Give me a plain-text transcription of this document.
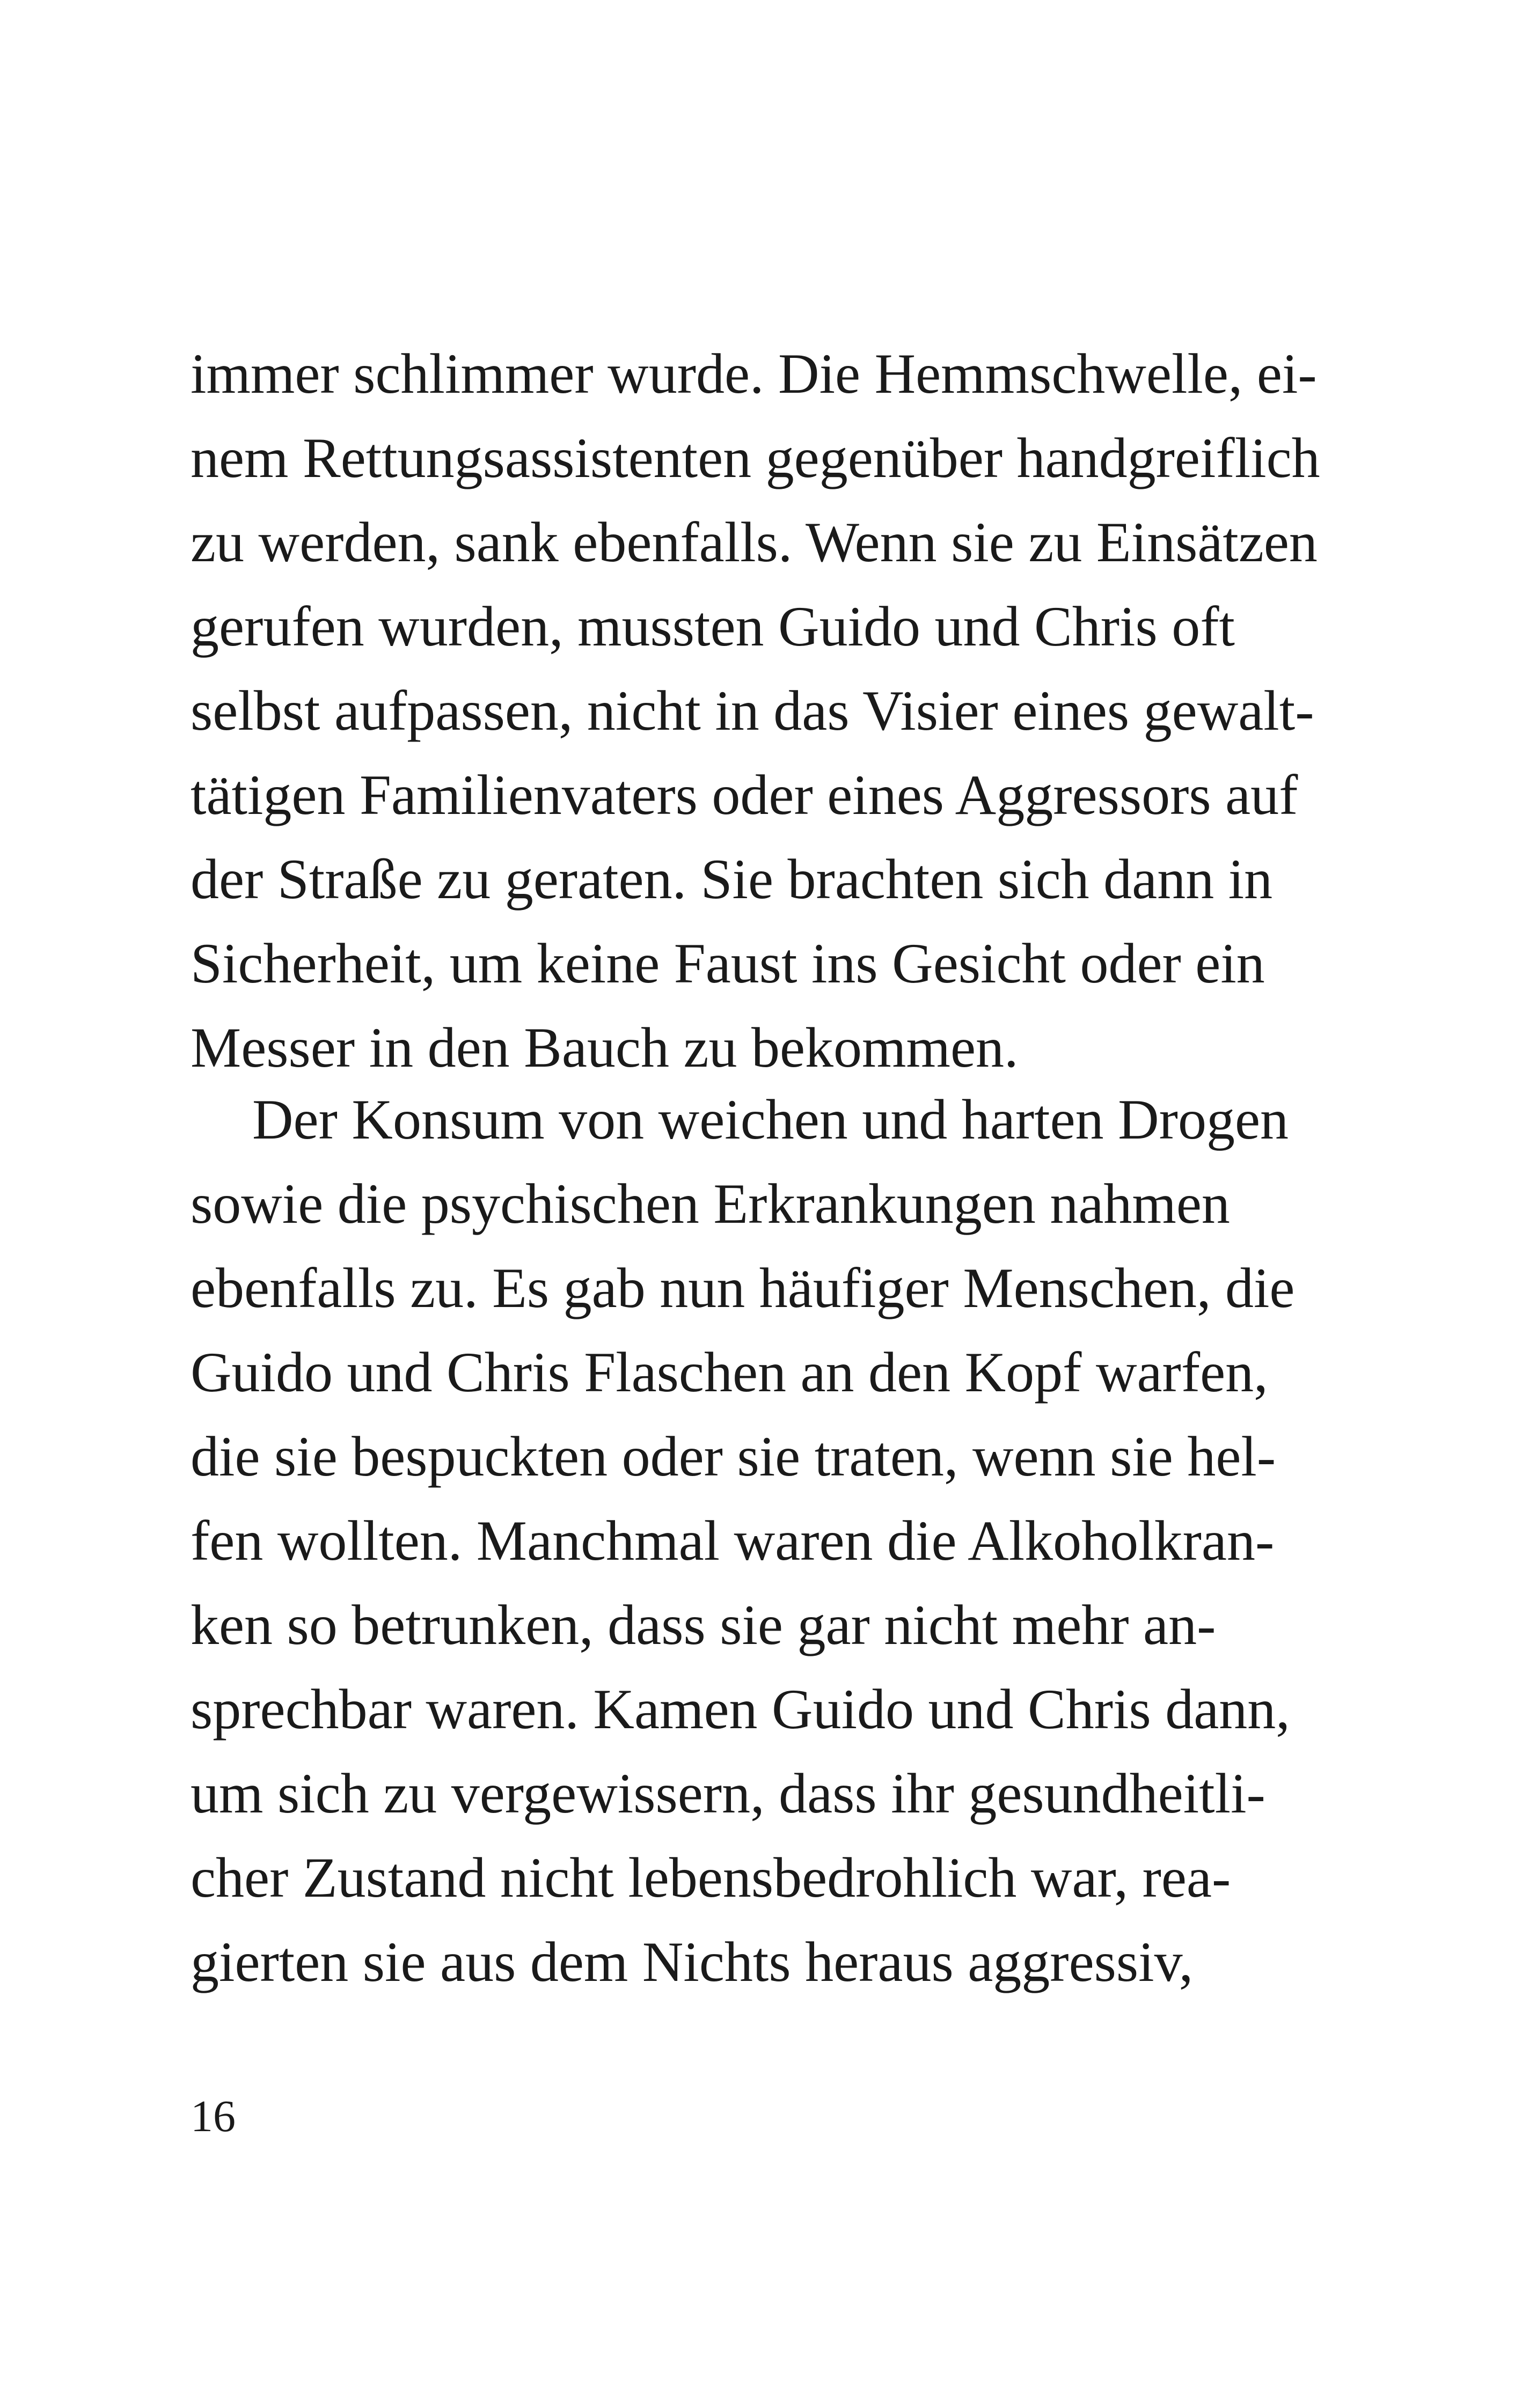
immer schlimmer wurde. Die Hemmschwelle, ei-
nem Rettungsassistenten gegenüber handgreiflich
zu werden, sank ebenfalls. Wenn sie zu Einsätzen
gerufen wurden, mussten Guido und Chris oft
selbst aufpassen, nicht in das Visier eines gewalt-
tätigen Familienvaters oder eines Aggressors auf
der Straße zu geraten. Sie brachten sich dann in
Sicherheit, um keine Faust ins Gesicht oder ein
Messer in den Bauch zu bekommen.
Der Konsum von weichen und harten Drogen
sowie die psychischen Erkrankungen nahmen
ebenfalls zu. Es gab nun häufiger Menschen, die
Guido und Chris Flaschen an den Kopf warfen,
die sie bespuckten oder sie traten, wenn sie hel-
fen wollten. Manchmal waren die Alkoholkran-
ken so betrunken, dass sie gar nicht mehr an-
sprechbar waren. Kamen Guido und Chris dann,
um sich zu vergewissern, dass ihr gesundheitli-
cher Zustand nicht lebensbedrohlich war, rea-
gierten sie aus dem Nichts heraus aggressiv,
16
